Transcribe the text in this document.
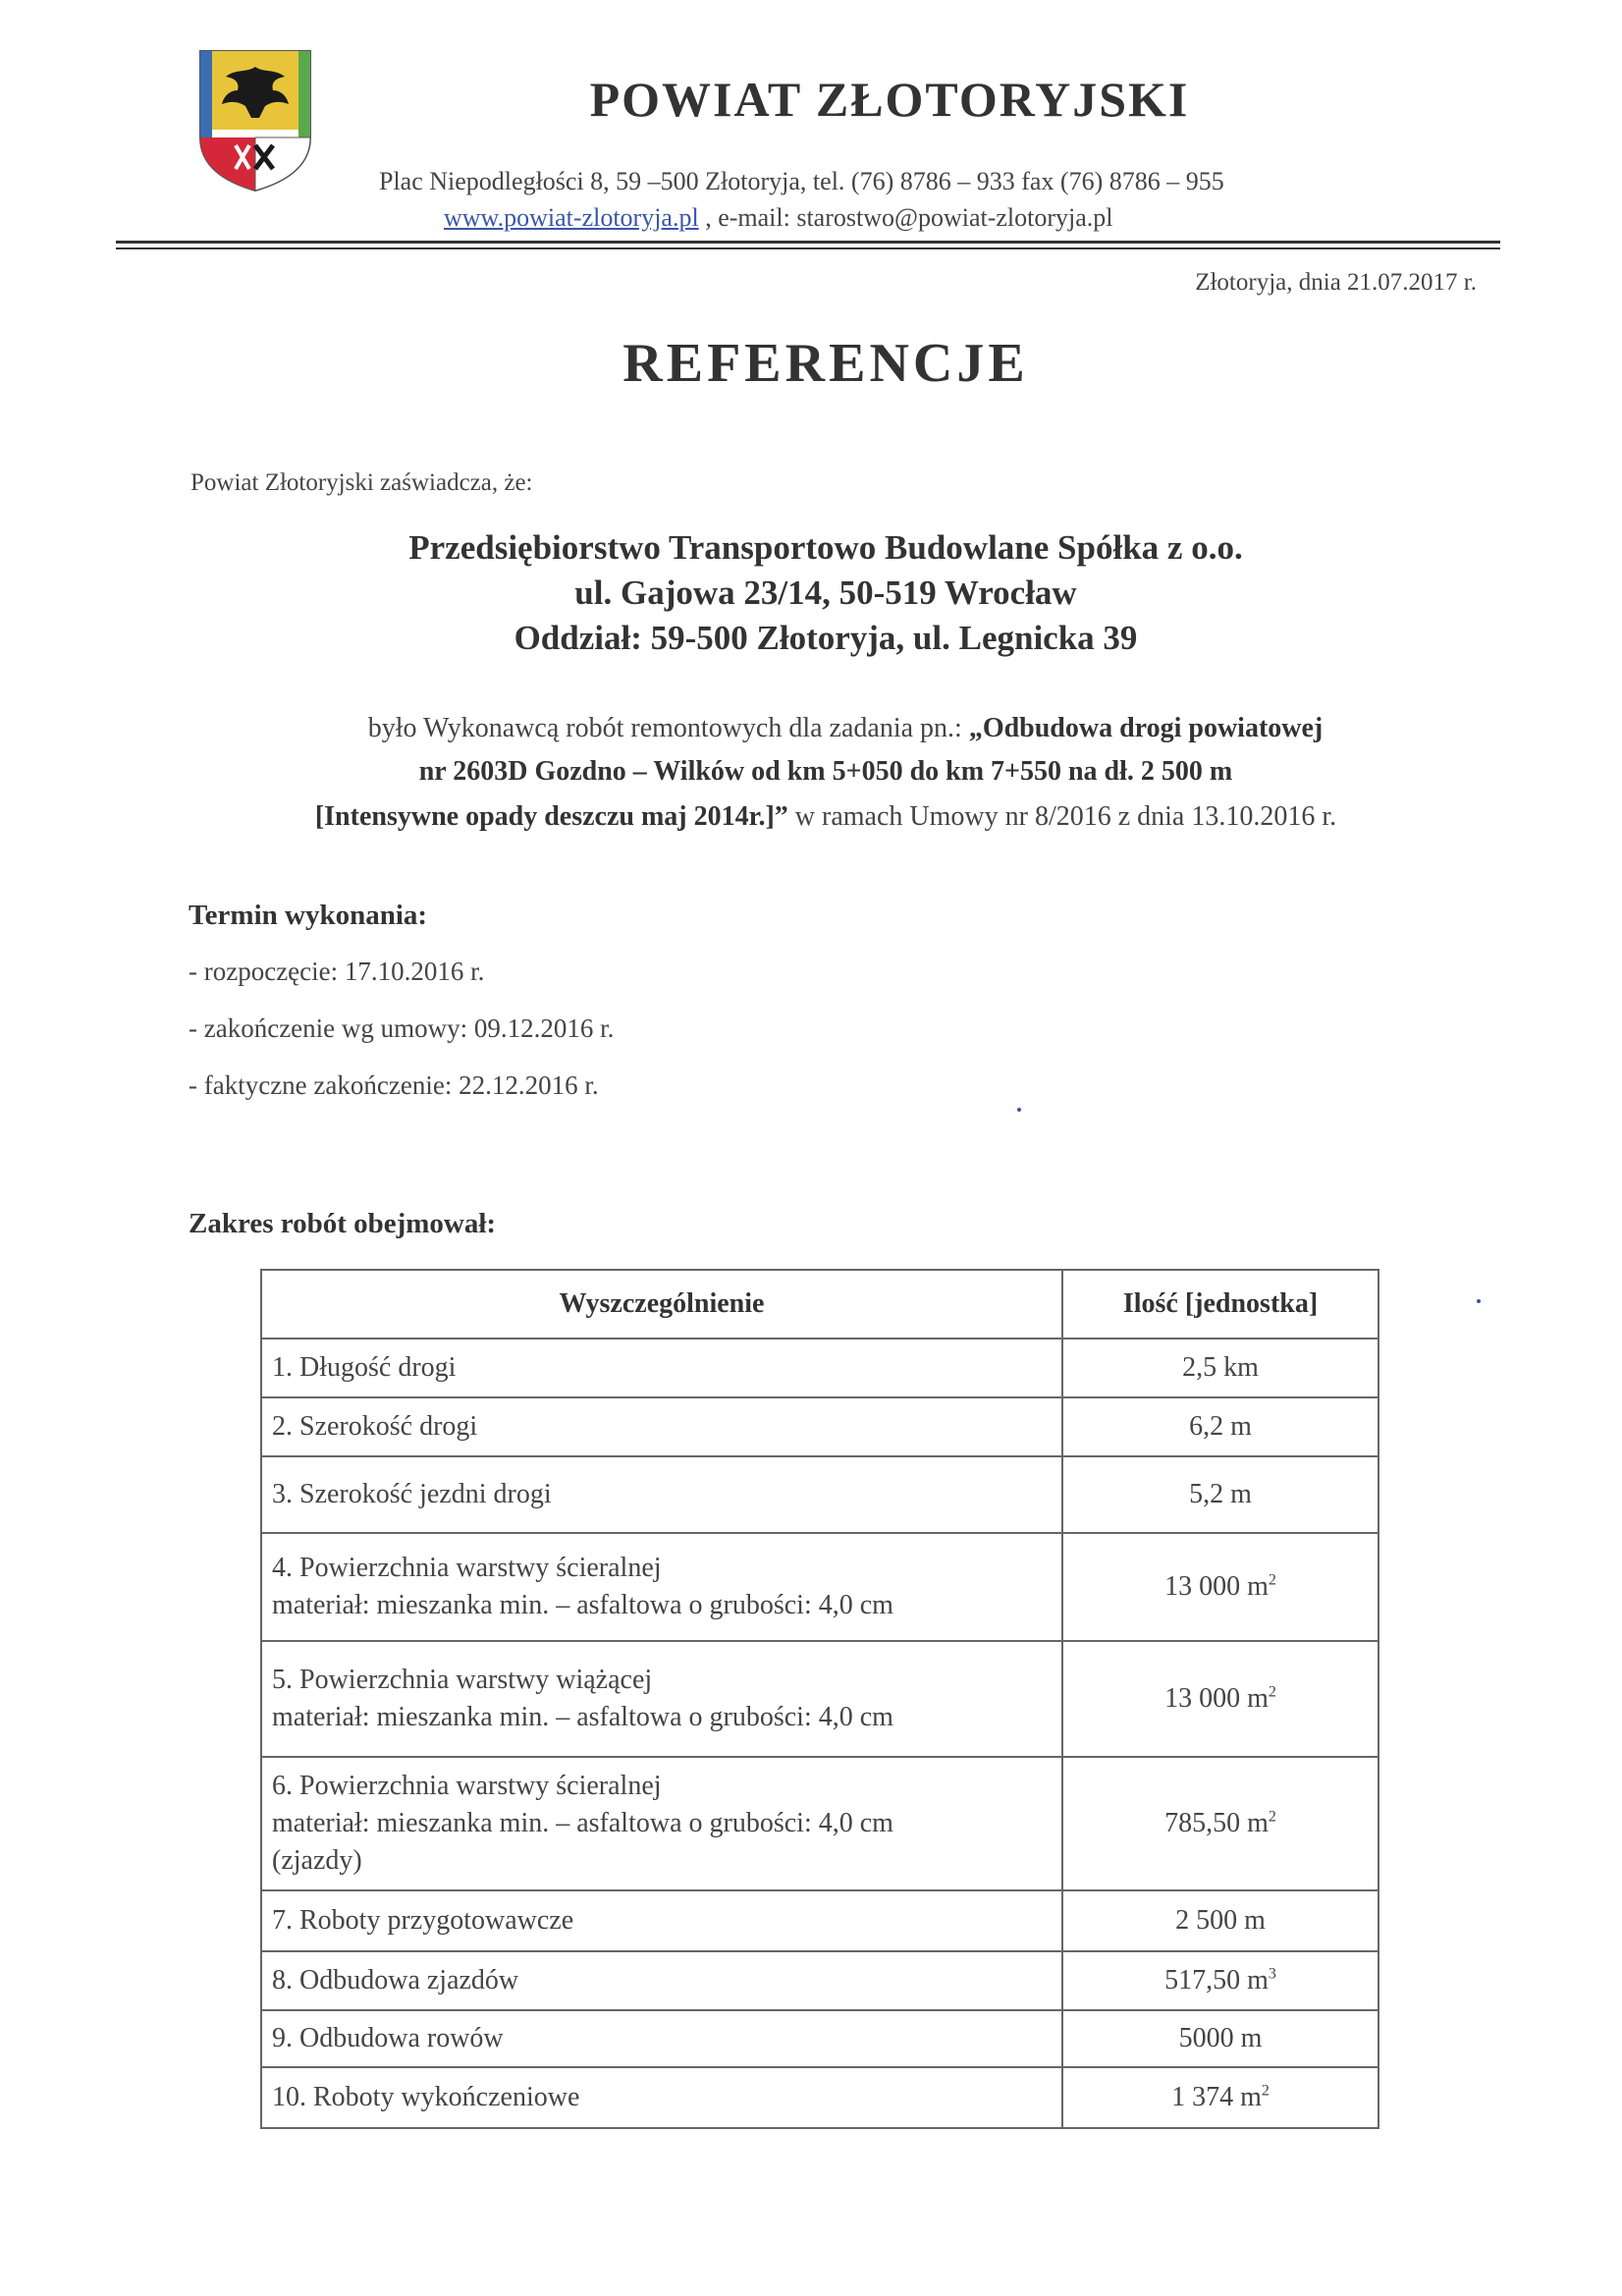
POWIAT ZŁOTORYJSKI
Plac Niepodległości 8, 59 –500 Złotoryja, tel. (76) 8786 – 933 fax (76) 8786 – 955
www.powiat-zlotoryja.pl , e-mail: starostwo@powiat-zlotoryja.pl
Złotoryja, dnia 21.07.2017 r.
REFERENCJE
Powiat Złotoryjski zaświadcza, że:
Przedsiębiorstwo Transportowo Budowlane Spółka z o.o.
ul. Gajowa 23/14, 50-519 Wrocław
Oddział: 59-500 Złotoryja, ul. Legnicka 39
było Wykonawcą robót remontowych dla zadania pn.: „Odbudowa drogi powiatowej
nr 2603D Gozdno – Wilków od km 5+050 do km 7+550 na dł. 2 500 m
[Intensywne opady deszczu maj 2014r.]” w ramach Umowy nr 8/2016 z dnia 13.10.2016 r.
Termin wykonania:
- rozpoczęcie: 17.10.2016 r.
- zakończenie wg umowy: 09.12.2016 r.
- faktyczne zakończenie: 22.12.2016 r.
Zakres robót obejmował:
Wyszczególnienie	Ilość [jednostka]

1. Długość drogi	2,5 km

2. Szerokość drogi	6,2 m

3. Szerokość jezdni drogi	5,2 m

4. Powierzchnia warstwy ścieralnej
materiał: mieszanka min. – asfaltowa o grubości: 4,0 cm	13 000 $m^2$

5. Powierzchnia warstwy wiążącej
materiał: mieszanka min. – asfaltowa o grubości: 4,0 cm	13 000 $m^2$

6. Powierzchnia warstwy ścieralnej
materiał: mieszanka min. – asfaltowa o grubości: 4,0 cm
(zjazdy)	785,50 $m^2$

7. Roboty przygotowawcze	2 500 m

8. Odbudowa zjazdów	517,50 $m^3$

9. Odbudowa rowów	5000 m

10. Roboty wykończeniowe	1 374 $m^2$
